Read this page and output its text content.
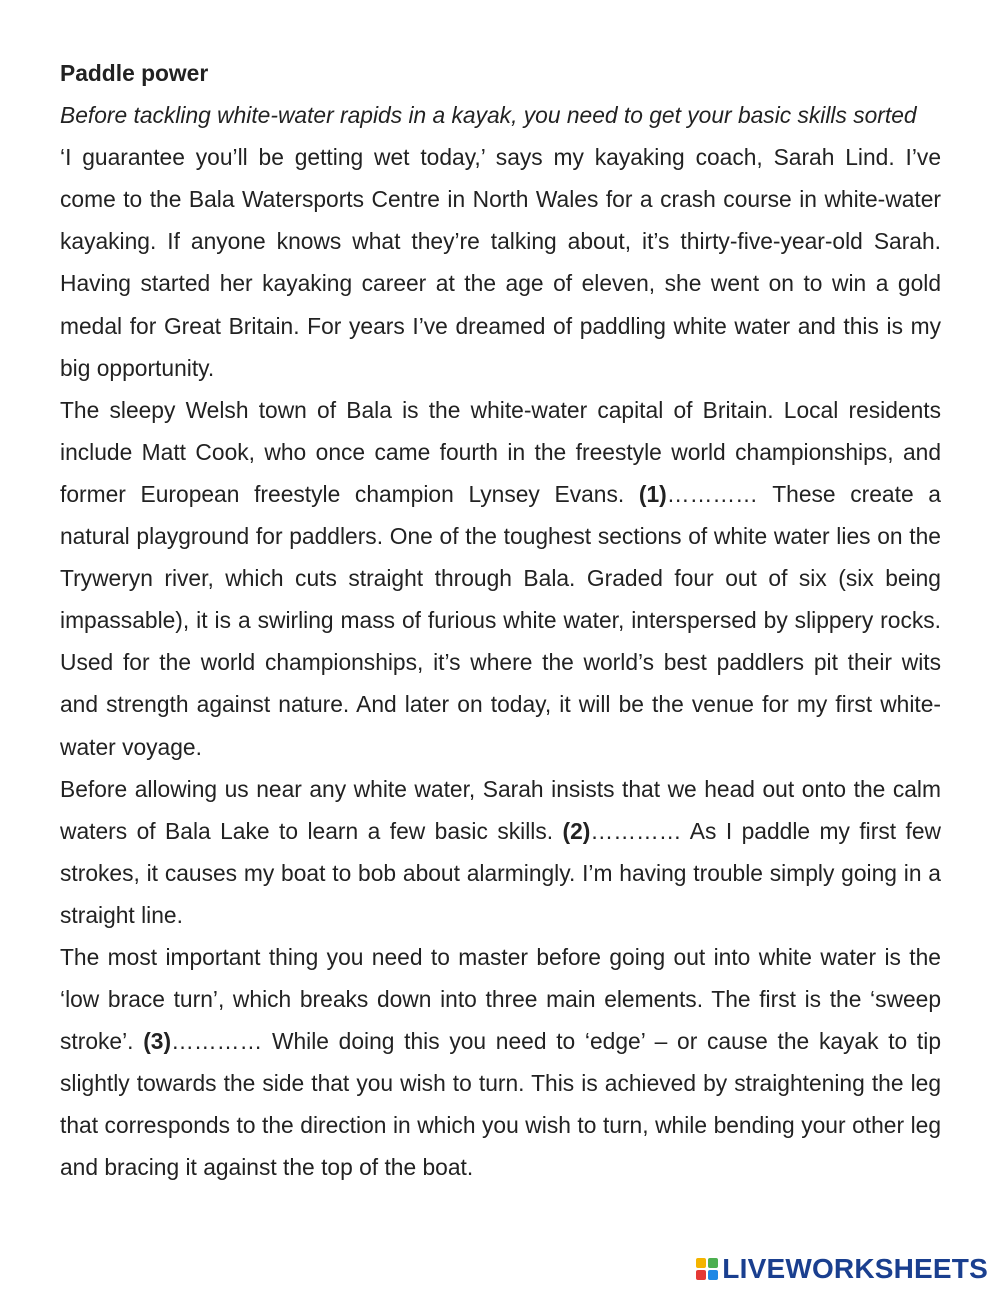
Paddle power

Before tackling white-water rapids in a kayak, you need to get your basic skills sorted

‘I guarantee you’ll be getting wet today,’ says my kayaking coach, Sarah Lind. I’ve come to the Bala Watersports Centre in North Wales for a crash course in white-water kayaking. If anyone knows what they’re talking about, it’s thirty-five-year-old Sarah. Having started her kayaking career at the age of eleven, she went on to win a gold medal for Great Britain. For years I’ve dreamed of paddling white water and this is my big opportunity.

The sleepy Welsh town of Bala is the white-water capital of Britain. Local residents include Matt Cook, who once came fourth in the freestyle world championships, and former European freestyle champion Lynsey Evans. (1)………… These create a natural playground for paddlers. One of the toughest sections of white water lies on the Tryweryn river, which cuts straight through Bala. Graded four out of six (six being impassable), it is a swirling mass of furious white water, interspersed by slippery rocks. Used for the world championships, it’s where the world’s best paddlers pit their wits and strength against nature. And later on today, it will be the venue for my first white-water voyage.

Before allowing us near any white water, Sarah insists that we head out onto the calm waters of Bala Lake to learn a few basic skills. (2)………… As I paddle my first few strokes, it causes my boat to bob about alarmingly. I’m having trouble simply going in a straight line.

The most important thing you need to master before going out into white water is the ‘low brace turn’, which breaks down into three main elements. The first is the ‘sweep stroke’. (3)………… While doing this you need to ‘edge’ – or cause the kayak to tip slightly towards the side that you wish to turn. This is achieved by straightening the leg that corresponds to the direction in which you wish to turn, while bending your other leg and bracing it against the top of the boat.

LIVEWORKSHEETS
